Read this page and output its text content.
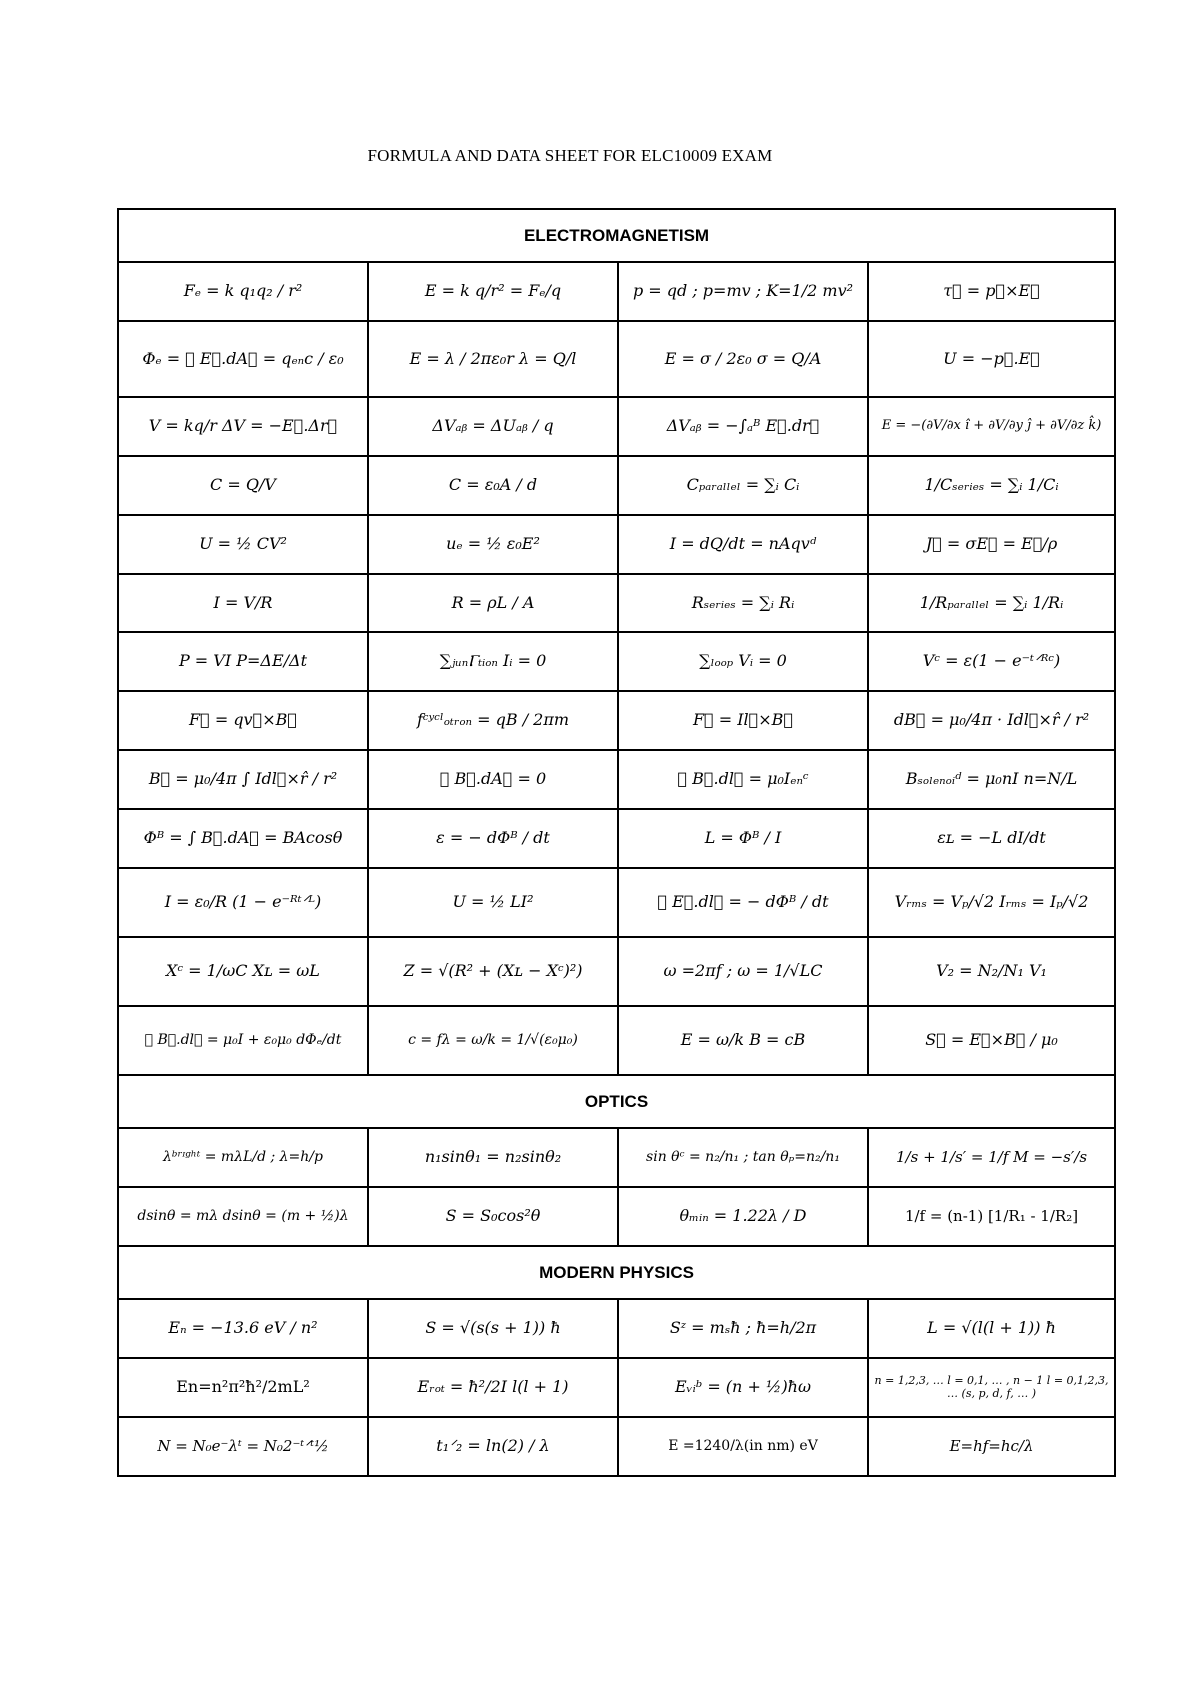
FORMULA AND DATA SHEET FOR ELC10009 EXAM
ELECTROMAGNETISM			
Fₑ = k q₁q₂ / r²	E = k q/r² = Fₑ/q	p = qd ; p=mv ; K=1/2 mv²	τ⃗ = p⃗×E⃗
Φₑ = ∮ E⃗.dA⃗ = qₑₙc / ε₀	E = λ / 2πε₀r λ = Q/l	E = σ / 2ε₀ σ = Q/A	U = −p⃗.E⃗
V = kq/r ΔV = −E⃗.Δr⃗	ΔVₐᵦ = ΔUₐᵦ / q	ΔVₐᵦ = −∫ₐᴮ E⃗.dr⃗	E = −(∂V/∂x î + ∂V/∂y ĵ + ∂V/∂z k̂)
C = Q/V	C = ε₀A / d	Cₚₐᵣₐₗₗₑₗ = ∑ᵢ Cᵢ	1/Cₛₑᵣᵢₑₛ = ∑ᵢ 1/Cᵢ
U = ½ CV²	uₑ = ½ ε₀E²	I = dQ/dt = nAqvᵈ	J⃗ = σE⃗ = E⃗/ρ
I = V/R	R = ρL / A	Rₛₑᵣᵢₑₛ = ∑ᵢ Rᵢ	1/Rₚₐᵣₐₗₗₑₗ = ∑ᵢ 1/Rᵢ
P = VI P=ΔE/Δt	∑ⱼᵤₙⲄₜᵢₒₙ Iᵢ = 0	∑ₗₒₒₚ Vᵢ = 0	Vᶜ = ε(1 − e⁻ᵗᐟᴿᶜ)
F⃗ = qv⃗×B⃗	fᶜʸᶜˡₒₜᵣₒₙ = qB / 2πm	F⃗ = Il⃗×B⃗	dB⃗ = μ₀/4π · Idl⃗×r̂ / r²
B⃗ = μ₀/4π ∫ Idl⃗×r̂ / r²	∮ B⃗.dA⃗ = 0	∮ B⃗.dl⃗ = μ₀Iₑₙᶜ	Bₛₒₗₑₙₒᵢᵈ = μ₀nI n=N/L
Φᴮ = ∫ B⃗.dA⃗ = BAcosθ	ε = − dΦᴮ / dt	L = Φᴮ / I	εʟ = −L dI/dt
I = ε₀/R (1 − e⁻ᴿᵗᐟᴸ)	U = ½ LI²	∮ E⃗.dl⃗ = − dΦᴮ / dt	Vᵣₘₛ = Vₚ/√2 Iᵣₘₛ = Iₚ/√2
Xᶜ = 1/ωC Xʟ = ωL	Z = √(R² + (Xʟ − Xᶜ)²)	ω =2πf ; ω = 1/√LC	V₂ = N₂/N₁ V₁
∮ B⃗.dl⃗ = μ₀I + ε₀μ₀ dΦₑ/dt	c = fλ = ω/k = 1/√(ε₀μ₀)	E = ω/k B = cB	S⃗ = E⃗×B⃗ / μ₀
OPTICS			
λᵇʳᶦᵍʰᵗ = mλL/d ; λ=h/p	n₁sinθ₁ = n₂sinθ₂	sin θᶜ = n₂/n₁ ; tan θₚ=n₂/n₁	1/s + 1/s′ = 1/f M = −s′/s
dsinθ = mλ dsinθ = (m + ½)λ	S = S₀cos²θ	θₘᵢₙ = 1.22λ / D	1/f = (n-1) [1/R₁ - 1/R₂]
MODERN PHYSICS			
Eₙ = −13.6 eV / n²	S = √(s(s + 1)) ħ	Sᶻ = mₛħ ; ħ=h/2π	L = √(l(l + 1)) ħ
En=n²π²ħ²/2mL²	Eᵣₒₜ = ħ²/2I l(l + 1)	Eᵥᵢᵇ = (n + ½)ħω	n = 1,2,3, … l = 0,1, … , n − 1 l = 0,1,2,3, … (s, p, d, f, … )
N = N₀e⁻λᵗ = N₀2⁻ᵗᐟᵗ½	t₁ᐟ₂ = ln(2) / λ	E =1240/λ(in nm) eV	E=hf=hc/λ
